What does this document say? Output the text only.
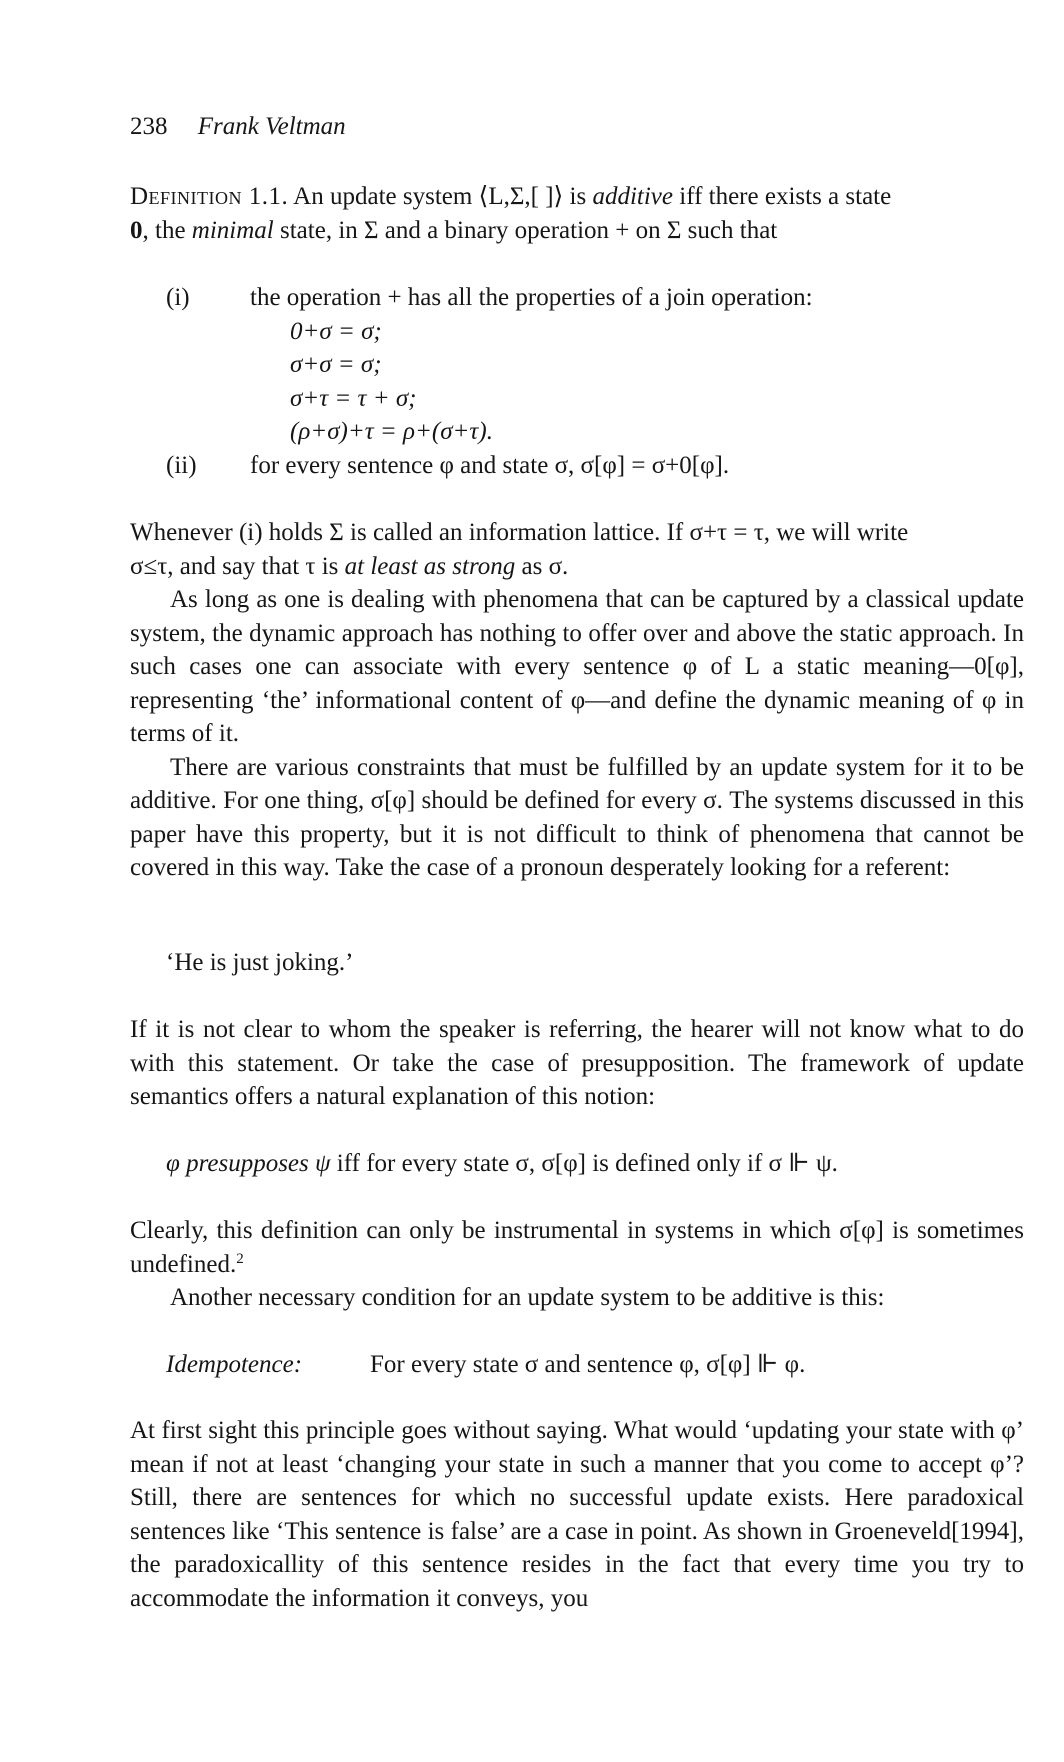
238 Frank Veltman

Definition 1.1. An update system ⟨L,Σ,[ ]⟩ is additive iff there exists a state

0, the minimal state, in Σ and a binary operation + on Σ such that

(i) the operation + has all the properties of a join operation:
0+σ = σ;
σ+σ = σ;
σ+τ = τ + σ;
(ρ+σ)+τ = ρ+(σ+τ).
(ii) for every sentence φ and state σ, σ[φ] = σ+0[φ].

Whenever (i) holds Σ is called an information lattice. If σ+τ = τ, we will write

σ≤τ, and say that τ is at least as strong as σ.

As long as one is dealing with phenomena that can be captured by a classical update system, the dynamic approach has nothing to offer over and above the static approach. In such cases one can associate with every sentence φ of L a static meaning—0[φ], representing ‘the’ informational content of φ—and define the dynamic meaning of φ in terms of it.

There are various constraints that must be fulfilled by an update system for it to be additive. For one thing, σ[φ] should be defined for every σ. The systems discussed in this paper have this property, but it is not difficult to think of phenomena that cannot be covered in this way. Take the case of a pronoun desperately looking for a referent:

‘He is just joking.’

If it is not clear to whom the speaker is referring, the hearer will not know what to do with this statement. Or take the case of presupposition. The framework of update semantics offers a natural explanation of this notion:

φ presupposes ψ iff for every state σ, σ[φ] is defined only if σ ⊩ ψ.

Clearly, this definition can only be instrumental in systems in which σ[φ] is sometimes undefined.$^2$

Another necessary condition for an update system to be additive is this:

Idempotence:	For every state σ and sentence φ, σ[φ] ⊩ φ.

At first sight this principle goes without saying. What would ‘updating your state with φ’ mean if not at least ‘changing your state in such a manner that you come to accept φ’? Still, there are sentences for which no successful update exists. Here paradoxical sentences like ‘This sentence is false’ are a case in point. As shown in Groeneveld[1994], the paradoxicallity of this sentence resides in the fact that every time you try to accommodate the information it conveys, you
